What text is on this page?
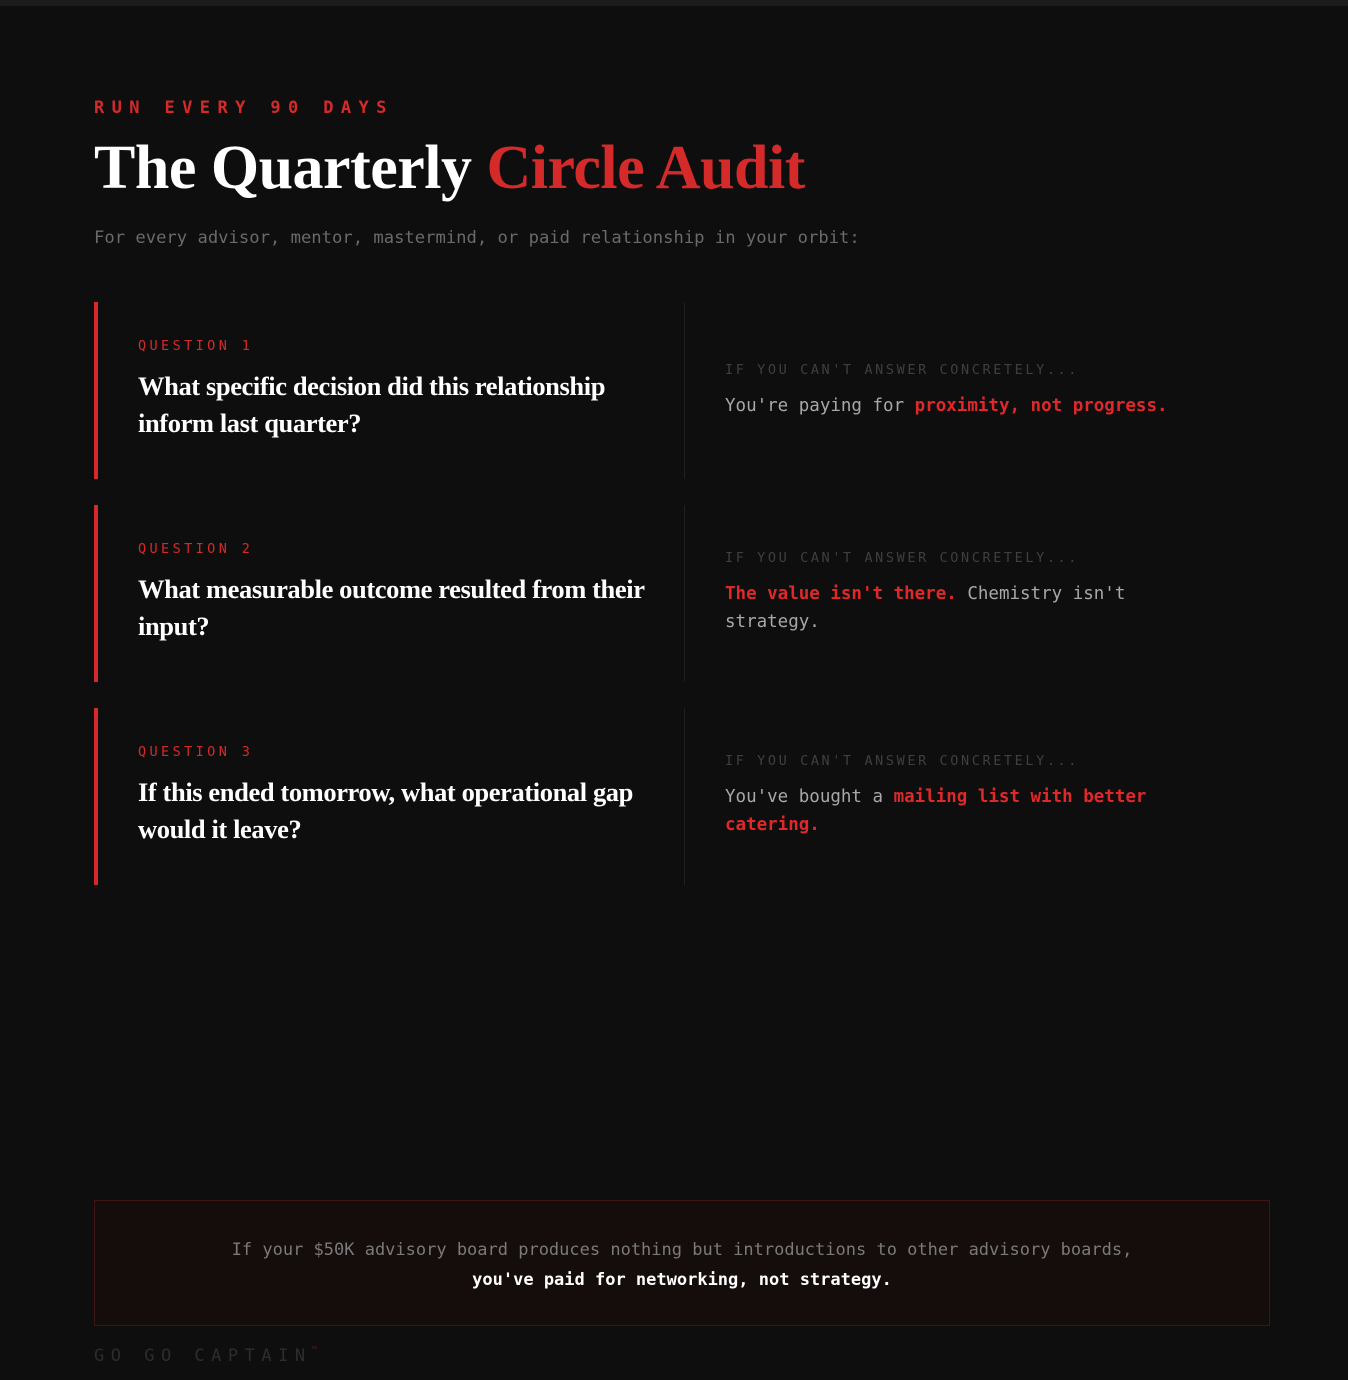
RUN EVERY 90 DAYS
The Quarterly Circle Audit
For every advisor, mentor, mastermind, or paid relationship in your orbit:
QUESTION 1
What specific decision did this relationship inform last quarter?
IF YOU CAN'T ANSWER CONCRETELY...
You're paying for proximity, not progress.
QUESTION 2
What measurable outcome resulted from their input?
IF YOU CAN'T ANSWER CONCRETELY...
The value isn't there. Chemistry isn't strategy.
QUESTION 3
If this ended tomorrow, what operational gap would it leave?
IF YOU CAN'T ANSWER CONCRETELY...
You've bought a mailing list with better catering.
If your $50K advisory board produces nothing but introductions to other advisory boards,
you've paid for networking, not strategy.
GO GO CAPTAIN™
